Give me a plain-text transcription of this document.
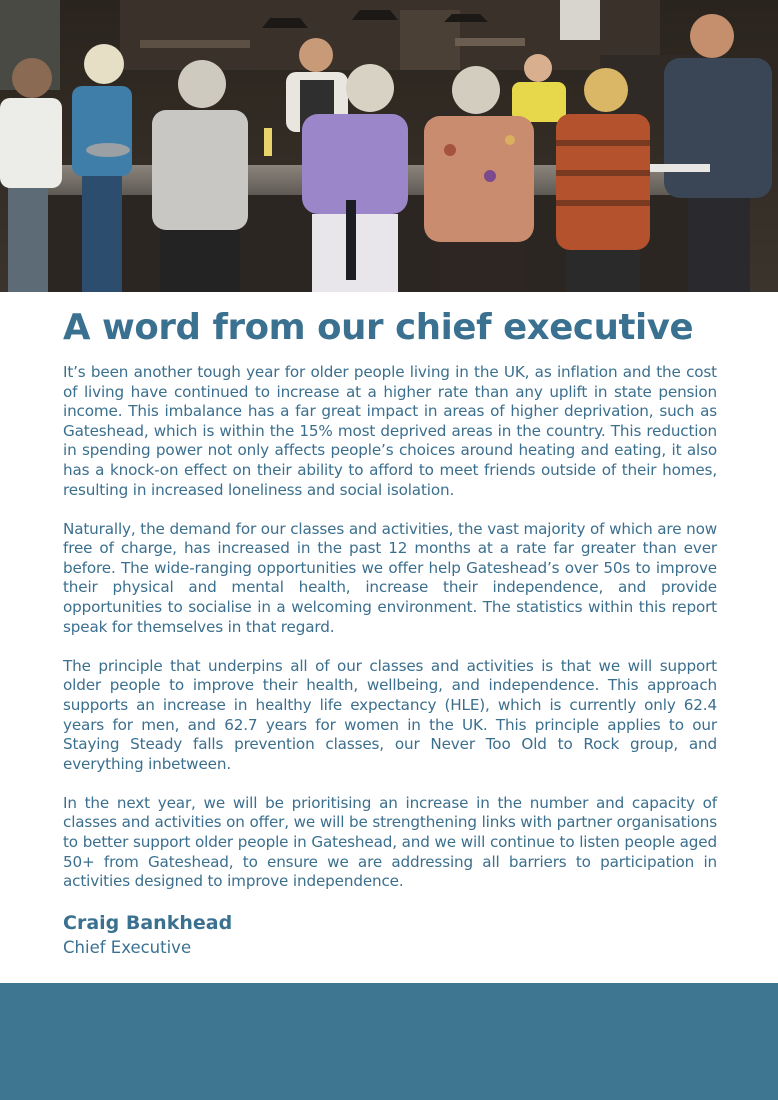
A word from our chief executive

It’s been another tough year for older people living in the UK, as inflation and the cost of living have continued to increase at a higher rate than any uplift in state pension income. This imbalance has a far great impact in areas of higher deprivation, such as Gateshead, which is within the 15% most deprived areas in the country. This reduction in spending power not only affects people’s choices around heating and eating, it also has a knock-on effect on their ability to afford to meet friends outside of their homes, resulting in increased loneliness and social isolation.

Naturally, the demand for our classes and activities, the vast majority of which are now free of charge, has increased in the past 12 months at a rate far greater than ever before. The wide-ranging opportunities we offer help Gateshead’s over 50s to improve their physical and mental health, increase their independence, and provide opportunities to socialise in a welcoming environment. The statistics within this report speak for themselves in that regard.

The principle that underpins all of our classes and activities is that we will support older people to improve their health, wellbeing, and independence. This approach supports an increase in healthy life expectancy (HLE), which is currently only 62.4 years for men, and 62.7 years for women in the UK. This principle applies to our Staying Steady falls prevention classes, our Never Too Old to Rock group, and everything inbetween.

In the next year, we will be prioritising an increase in the number and capacity of classes and activities on offer, we will be strengthening links with partner organisations to better support older people in Gateshead, and we will continue to listen people aged 50+ from Gateshead, to ensure we are addressing all barriers to participation in activities designed to improve independence.

Craig Bankhead

Chief Executive
